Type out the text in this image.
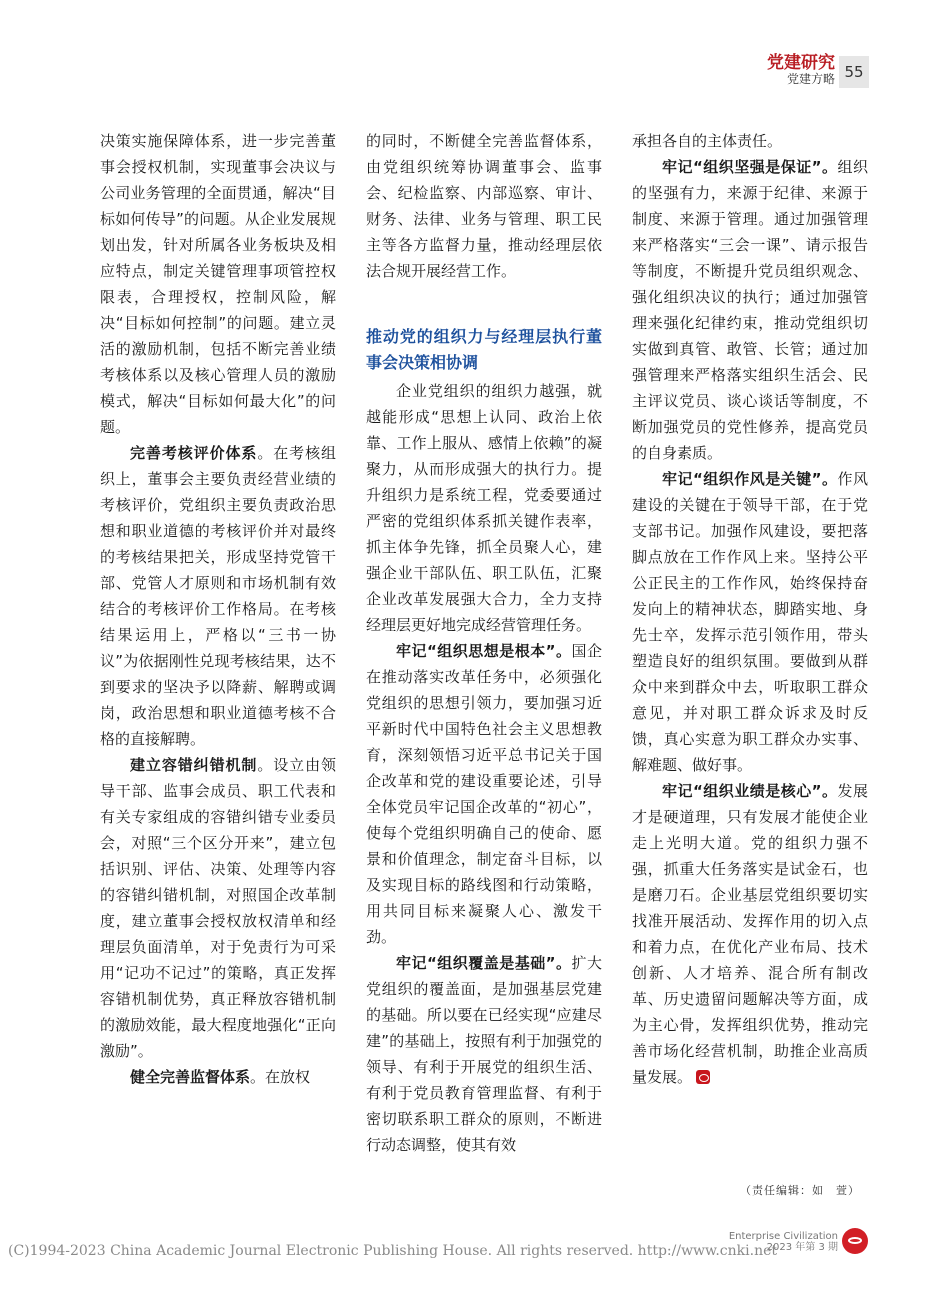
党建研究
党建方略 55

决策实施保障体系，进一步完善董事会授权机制，实现董事会决议与公司业务管理的全面贯通，解决“目标如何传导”的问题。从企业发展规划出发，针对所属各业务板块及相应特点，制定关键管理事项管控权限表，合理授权，控制风险，解决“目标如何控制”的问题。建立灵活的激励机制，包括不断完善业绩考核体系以及核心管理人员的激励模式，解决“目标如何最大化”的问题。

完善考核评价体系。在考核组织上，董事会主要负责经营业绩的考核评价，党组织主要负责政治思想和职业道德的考核评价并对最终的考核结果把关，形成坚持党管干部、党管人才原则和市场机制有效结合的考核评价工作格局。在考核结果运用上，严格以“三书一协议”为依据刚性兑现考核结果，达不到要求的坚决予以降薪、解聘或调岗，政治思想和职业道德考核不合格的直接解聘。

建立容错纠错机制。设立由领导干部、监事会成员、职工代表和有关专家组成的容错纠错专业委员会，对照“三个区分开来”，建立包括识别、评估、决策、处理等内容的容错纠错机制，对照国企改革制度，建立董事会授权放权清单和经理层负面清单，对于免责行为可采用“记功不记过”的策略，真正发挥容错机制优势，真正释放容错机制的激励效能，最大程度地强化“正向激励”。

健全完善监督体系。在放权

的同时，不断健全完善监督体系，由党组织统筹协调董事会、监事会、纪检监察、内部巡察、审计、财务、法律、业务与管理、职工民主等各方监督力量，推动经理层依法合规开展经营工作。

推动党的组织力与经理层执行董事会决策相协调

企业党组织的组织力越强，就越能形成“思想上认同、政治上依靠、工作上服从、感情上依赖”的凝聚力，从而形成强大的执行力。提升组织力是系统工程，党委要通过严密的党组织体系抓关键作表率，抓主体争先锋，抓全员聚人心，建强企业干部队伍、职工队伍，汇聚企业改革发展强大合力，全力支持经理层更好地完成经营管理任务。

牢记“组织思想是根本”。国企在推动落实改革任务中，必须强化党组织的思想引领力，要加强习近平新时代中国特色社会主义思想教育，深刻领悟习近平总书记关于国企改革和党的建设重要论述，引导全体党员牢记国企改革的“初心”，使每个党组织明确自己的使命、愿景和价值理念，制定奋斗目标，以及实现目标的路线图和行动策略，用共同目标来凝聚人心、激发干劲。

牢记“组织覆盖是基础”。扩大党组织的覆盖面，是加强基层党建的基础。所以要在已经实现“应建尽建”的基础上，按照有利于加强党的领导、有利于开展党的组织生活、有利于党员教育管理监督、有利于密切联系职工群众的原则，不断进行动态调整，使其有效

承担各自的主体责任。

牢记“组织坚强是保证”。组织的坚强有力，来源于纪律、来源于制度、来源于管理。通过加强管理来严格落实“三会一课”、请示报告等制度，不断提升党员组织观念、强化组织决议的执行；通过加强管理来强化纪律约束，推动党组织切实做到真管、敢管、长管；通过加强管理来严格落实组织生活会、民主评议党员、谈心谈话等制度，不断加强党员的党性修养，提高党员的自身素质。

牢记“组织作风是关键”。作风建设的关键在于领导干部，在于党支部书记。加强作风建设，要把落脚点放在工作作风上来。坚持公平公正民主的工作作风，始终保持奋发向上的精神状态，脚踏实地、身先士卒，发挥示范引领作用，带头塑造良好的组织氛围。要做到从群众中来到群众中去，听取职工群众意见，并对职工群众诉求及时反馈，真心实意为职工群众办实事、解难题、做好事。

牢记“组织业绩是核心”。发展才是硬道理，只有发展才能使企业走上光明大道。党的组织力强不强，抓重大任务落实是试金石，也是磨刀石。企业基层党组织要切实找准开展活动、发挥作用的切入点和着力点，在优化产业布局、技术创新、人才培养、混合所有制改革、历史遗留问题解决等方面，成为主心骨，发挥组织优势，推动完善市场化经营机制，助推企业高质量发展。

（责任编辑：如　萱）
Enterprise Civilization
2023 年第 3 期
(C)1994-2023 China Academic Journal Electronic Publishing House. All rights reserved. http://www.cnki.net
